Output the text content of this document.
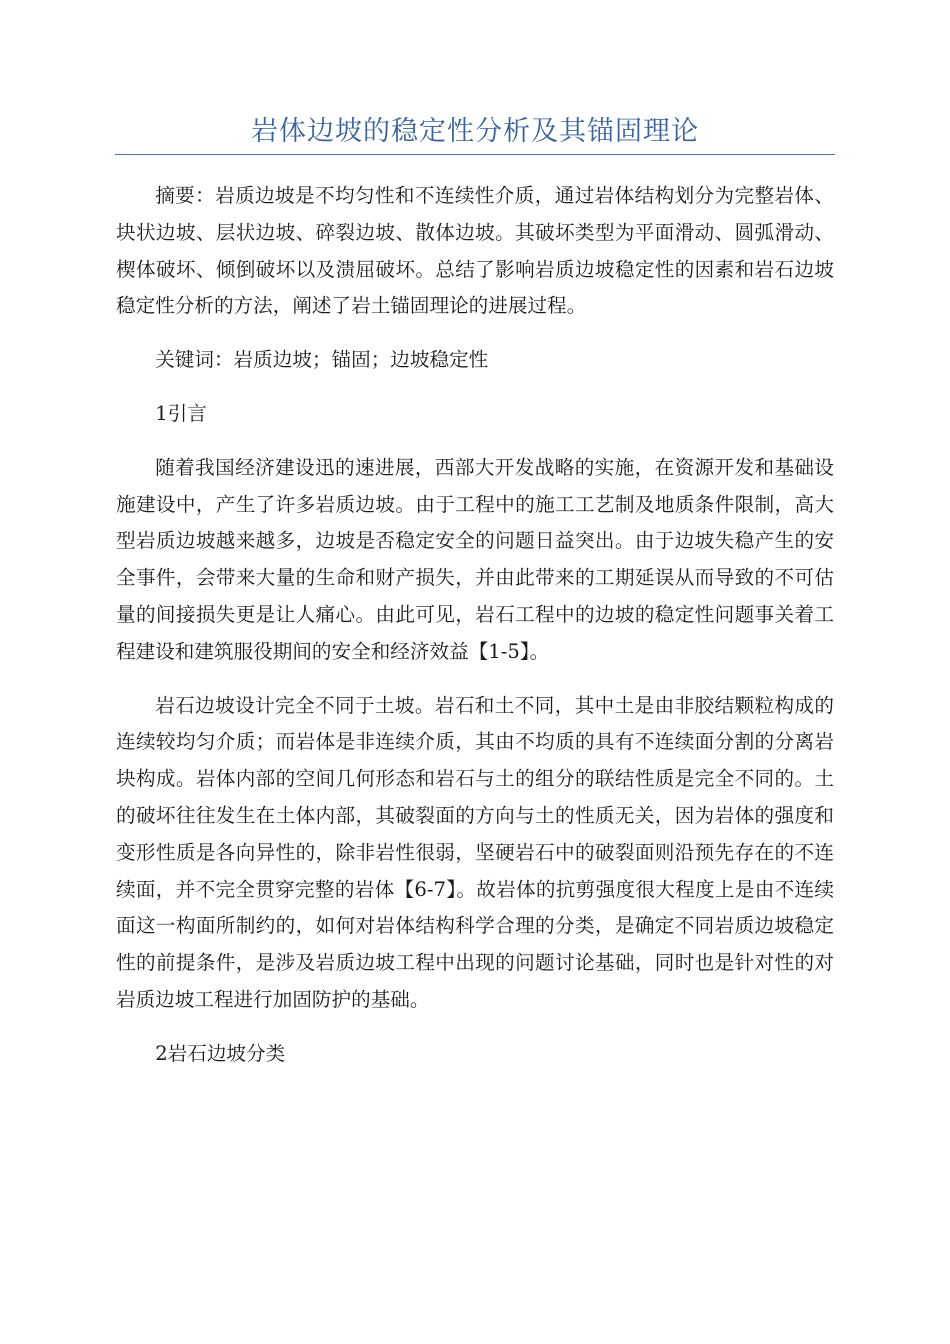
岩体边坡的稳定性分析及其锚固理论

摘要：岩质边坡是不均匀性和不连续性介质，通过岩体结构划分为完整岩体、块状边坡、层状边坡、碎裂边坡、散体边坡。其破坏类型为平面滑动、圆弧滑动、楔体破坏、倾倒破坏以及溃屈破坏。总结了影响岩质边坡稳定性的因素和岩石边坡稳定性分析的方法，阐述了岩土锚固理论的进展过程。

关键词：岩质边坡；锚固；边坡稳定性

1引言

随着我国经济建设迅的速进展，西部大开发战略的实施，在资源开发和基础设施建设中，产生了许多岩质边坡。由于工程中的施工工艺制及地质条件限制，高大型岩质边坡越来越多，边坡是否稳定安全的问题日益突出。由于边坡失稳产生的安全事件，会带来大量的生命和财产损失，并由此带来的工期延误从而导致的不可估量的间接损失更是让人痛心。由此可见，岩石工程中的边坡的稳定性问题事关着工程建设和建筑服役期间的安全和经济效益【1-5】。

岩石边坡设计完全不同于土坡。岩石和土不同，其中土是由非胶结颗粒构成的连续较均匀介质；而岩体是非连续介质，其由不均质的具有不连续面分割的分离岩块构成。岩体内部的空间几何形态和岩石与土的组分的联结性质是完全不同的。土的破坏往往发生在土体内部，其破裂面的方向与土的性质无关，因为岩体的强度和变形性质是各向异性的，除非岩性很弱，坚硬岩石中的破裂面则沿预先存在的不连续面，并不完全贯穿完整的岩体【6-7】。故岩体的抗剪强度很大程度上是由不连续面这一构面所制约的，如何对岩体结构科学合理的分类，是确定不同岩质边坡稳定性的前提条件，是涉及岩质边坡工程中出现的问题讨论基础，同时也是针对性的对岩质边坡工程进行加固防护的基础。

2岩石边坡分类
